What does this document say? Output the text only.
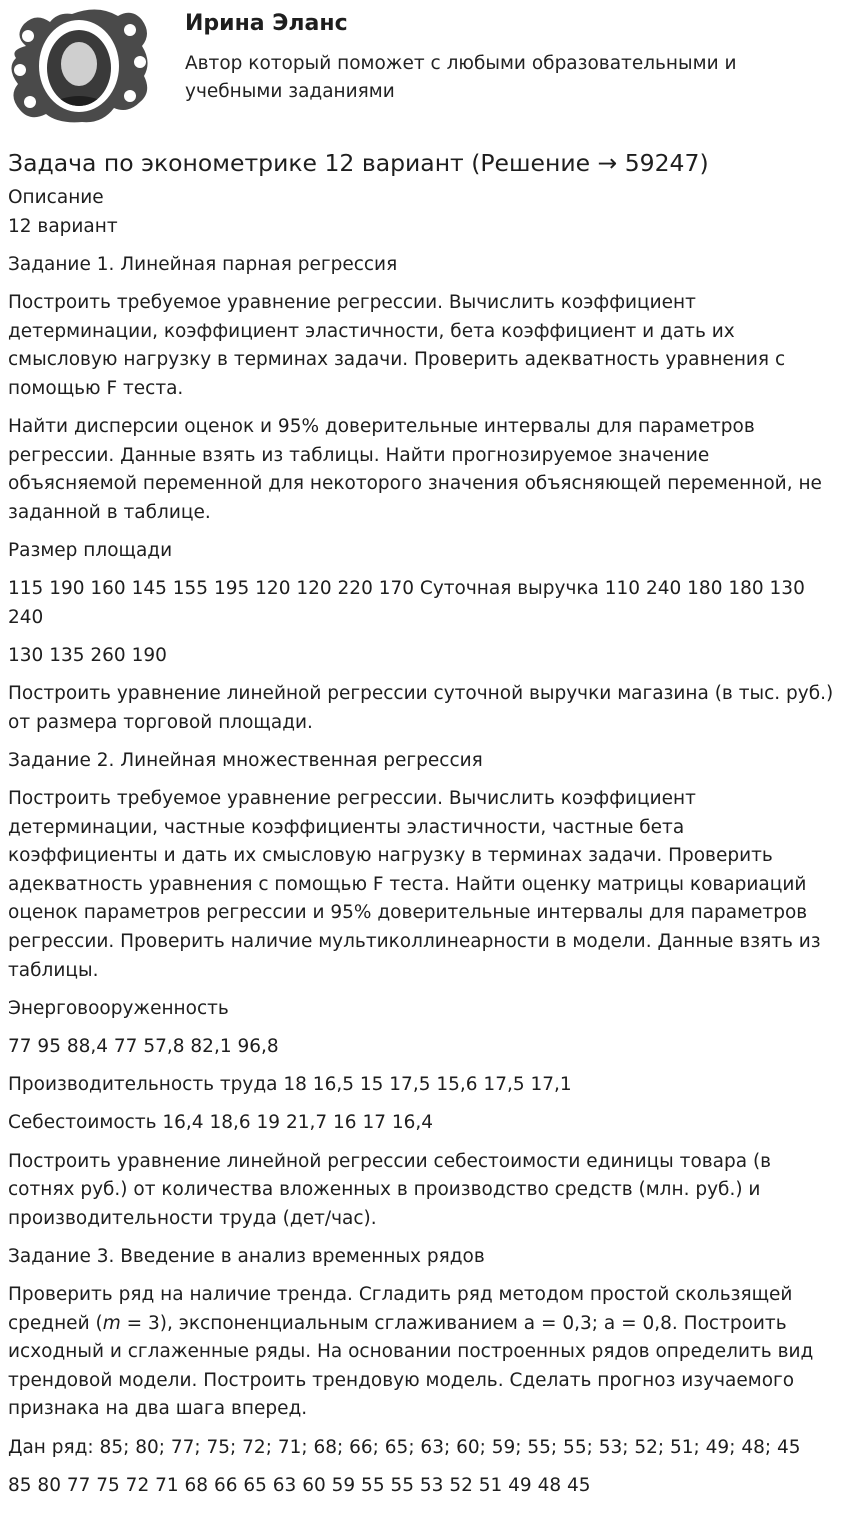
Ирина Эланс
Автор который поможет с любыми образовательными и учебными заданиями
Задача по эконометрике 12 вариант (Решение → 59247)
Описание
12 вариант
Задание 1. Линейная парная регрессия
Построить требуемое уравнение регрессии. Вычислить коэффициент детерминации, коэффициент эластичности, бета коэффициент и дать их смысловую нагрузку в терминах задачи. Проверить адекватность уравнения с помощью F теста.
Найти дисперсии оценок и 95% доверительные интервалы для параметров регрессии. Данные взять из таблицы. Найти прогнозируемое значение объясняемой переменной для некоторого значения объясняющей переменной, не заданной в таблице.
Размер площади
115 190 160 145 155 195 120 120 220 170 Суточная выручка 110 240 180 180 130 240
130 135 260 190
Построить уравнение линейной регрессии суточной выручки магазина (в тыс. руб.) от размера торговой площади.
Задание 2. Линейная множественная регрессия
Построить требуемое уравнение регрессии. Вычислить коэффициент детерминации, частные коэффициенты эластичности, частные бета коэффициенты и дать их смысловую нагрузку в терминах задачи. Проверить адекватность уравнения с помощью F теста. Найти оценку матрицы ковариаций оценок параметров регрессии и 95% доверительные интервалы для параметров регрессии. Проверить наличие мультиколлинеарности в модели. Данные взять из таблицы.
Энерговооруженность
77 95 88,4 77 57,8 82,1 96,8
Производительность труда 18 16,5 15 17,5 15,6 17,5 17,1
Себестоимость 16,4 18,6 19 21,7 16 17 16,4
Построить уравнение линейной регрессии себестоимости единицы товара (в сотнях руб.) от количества вложенных в производство средств (млн. руб.) и производительности труда (дет/час).
Задание 3. Введение в анализ временных рядов
Проверить ряд на наличие тренда. Сгладить ряд методом простой скользящей средней (m = 3), экспоненциальным сглаживанием a = 0,3; a = 0,8. Построить исходный и сглаженные ряды. На основании построенных рядов определить вид трендовой модели. Построить трендовую модель. Сделать прогноз изучаемого признака на два шага вперед.
Дан ряд: 85; 80; 77; 75; 72; 71; 68; 66; 65; 63; 60; 59; 55; 55; 53; 52; 51; 49; 48; 45
85 80 77 75 72 71 68 66 65 63 60 59 55 55 53 52 51 49 48 45
